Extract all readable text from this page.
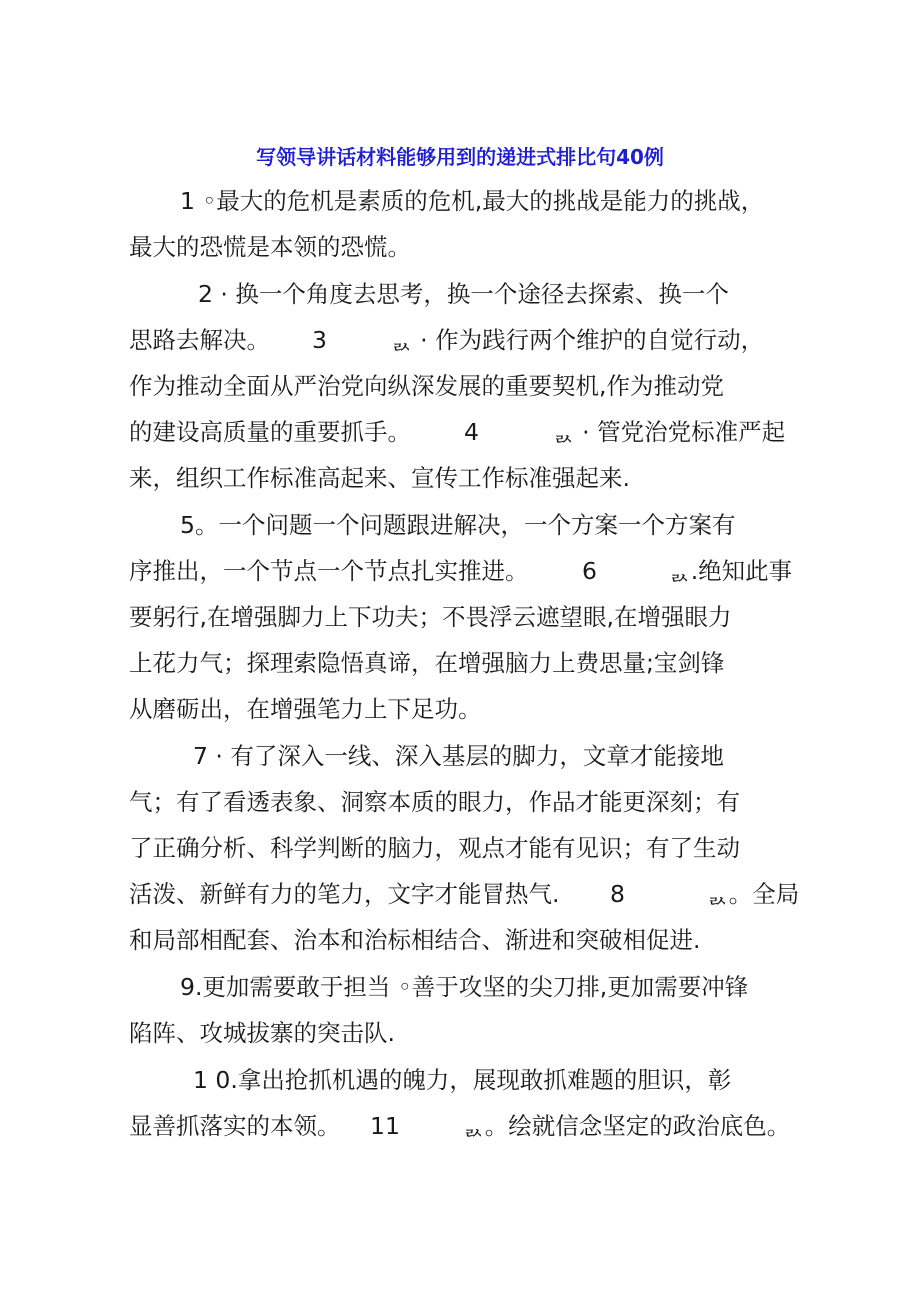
写领导讲话材料能够用到的递进式排比句40例
1 ◦最大的危机是素质的危机,最大的挑战是能力的挑战，
最大的恐慌是本领的恐慌。
2 · 换一个角度去思考，换一个途径去探索、换一个
思路去解决。 3	ᆳ · 作为践行两个维护的自觉行动，
作为推动全面从严治党向纵深发展的重要契机,作为推动党
的建设高质量的重要抓手。 4	ᆳ · 管党治党标准严起
来，组织工作标准高起来、宣传工作标准强起来.
5。一个问题一个问题跟进解决，一个方案一个方案有
序推出，一个节点一个节点扎实推进。 6	ᆳ.绝知此事
要躬行,在增强脚力上下功夫；不畏浮云遮望眼,在增强眼力
上花力气；探理索隐悟真谛，在增强脑力上费思量;宝剑锋
从磨砺出，在增强笔力上下足功。
7 · 有了深入一线、深入基层的脚力，文章才能接地
气；有了看透表象、洞察本质的眼力，作品才能更深刻；有
了正确分析、科学判断的脑力，观点才能有见识；有了生动
活泼、新鲜有力的笔力，文字才能冒热气. 8	ᆳ。全局
和局部相配套、治本和治标相结合、渐进和突破相促进.
9.更加需要敢于担当 ◦善于攻坚的尖刀排,更加需要冲锋
陷阵、攻城拔寨的突击队.
1 0.拿出抢抓机遇的魄力，展现敢抓难题的胆识，彰
显善抓落实的本领。 11	ᆳ。绘就信念坚定的政治底色。
